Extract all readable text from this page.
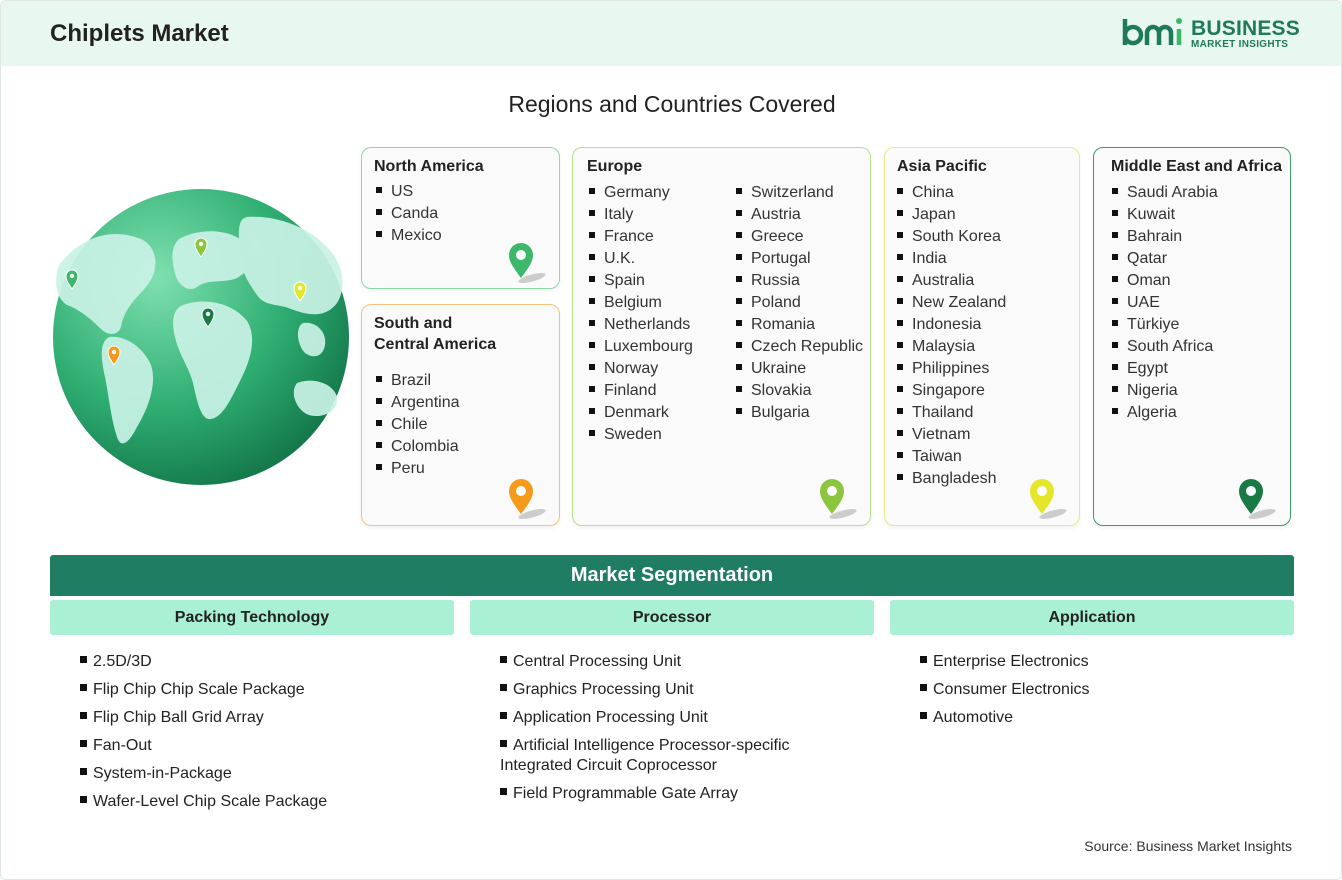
Chiplets Market	BUSINESS
MARKET INSIGHTS
Regions and Countries Covered
North America
US
Canda
Mexico
South and
Central America
Brazil
Argentina
Chile
Colombia
Peru
Europe
Germany
Italy
France
U.K.
Spain
Belgium
Netherlands
Luxembourg
Norway
Finland
Denmark
Sweden
Switzerland
Austria
Greece
Portugal
Russia
Poland
Romania
Czech Republic
Ukraine
Slovakia
Bulgaria
Asia Pacific
China
Japan
South Korea
India
Australia
New Zealand
Indonesia
Malaysia
Philippines
Singapore
Thailand
Vietnam
Taiwan
Bangladesh
Middle East and Africa
Saudi Arabia
Kuwait
Bahrain
Qatar
Oman
UAE
Türkiye
South Africa
Egypt
Nigeria
Algeria
Market Segmentation
Packing Technology	Processor	Application
2.5D/3D
Flip Chip Chip Scale Package
Flip Chip Ball Grid Array
Fan-Out
System-in-Package
Wafer-Level Chip Scale Package
Central Processing Unit
Graphics Processing Unit
Application Processing Unit
Artificial Intelligence Processor-specific Integrated Circuit Coprocessor
Field Programmable Gate Array
Enterprise Electronics
Consumer Electronics
Automotive
Source: Business Market Insights
